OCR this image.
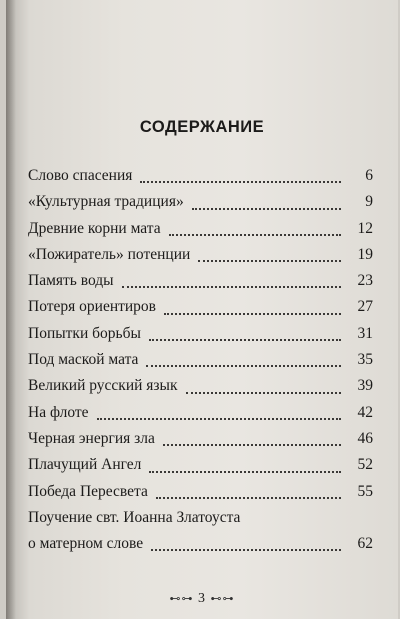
СОДЕРЖАНИЕ
Слово спасения	6
«Культурная традиция»	9
Древние корни мата	12
«Пожиратель» потенции	19
Память воды	23
Потеря ориентиров	27
Попытки борьбы	31
Под маской мата	35
Великий русский язык	39
На флоте	42
Черная энергия зла	46
Плачущий Ангел	52
Победа Пересвета	55
Поучение свт. Иоанна Златоуста
о матерном слове	62
⊷⊶ 3 ⊷⊶
